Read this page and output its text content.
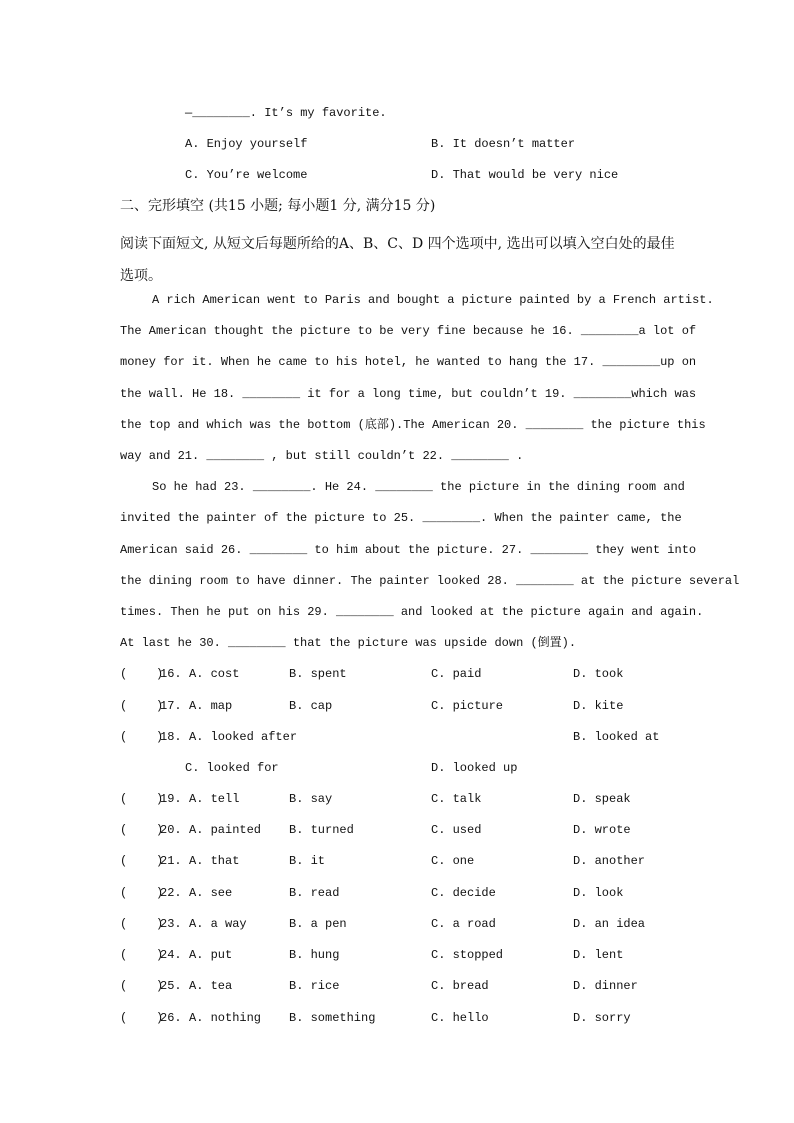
—________. It’s my favorite.
A. Enjoy yourself	B. It doesn’t matter
C. You’re welcome	D. That would be very nice
二、完形填空 (共15 小题; 每小题1 分, 满分15 分)
阅读下面短文, 从短文后每题所给的A、B、C、D 四个选项中, 选出可以填入空白处的最佳
选项。
A rich American went to Paris and bought a picture painted by a French artist.
The American thought the picture to be very fine because he 16. ________a lot of
money for it. When he came to his hotel, he wanted to hang the 17. ________up on
the wall. He 18. ________ it for a long time, but couldn’t 19. ________which was
the top and which was the bottom (底部).The American 20. ________ the picture this
way and 21. ________ , but still couldn’t 22. ________ .
So he had 23. ________. He 24. ________ the picture in the dining room and
invited the painter of the picture to 25. ________. When the painter came, the
American said 26. ________ to him about the picture. 27. ________ they went into
the dining room to have dinner. The painter looked 28. ________ at the picture several
times. Then he put on his 29. ________ and looked at the picture again and again.
At last he 30. ________ that the picture was upside down (倒置).
(    )
16. A. cost	B. spent	C. paid	D. took
(    )
17. A. map	B. cap	C. picture	D. kite
(    )
18. A. looked after	B. looked at
C. looked for	D. looked up
(    )
19. A. tell	B. say	C. talk	D. speak
(    )
20. A. painted B. turned	C. used	D. wrote
(    )
21. A. that	B. it	C. one	D. another
(    )
22. A. see	B. read	C. decide	D. look
(    )
23. A. a way	B. a pen	C. a road	D. an idea
(    )
24. A. put	B. hung	C. stopped	D. lent
(    )
25. A. tea	B. rice	C. bread	D. dinner
(    )
26. A. nothing B. something	C. hello	D. sorry
